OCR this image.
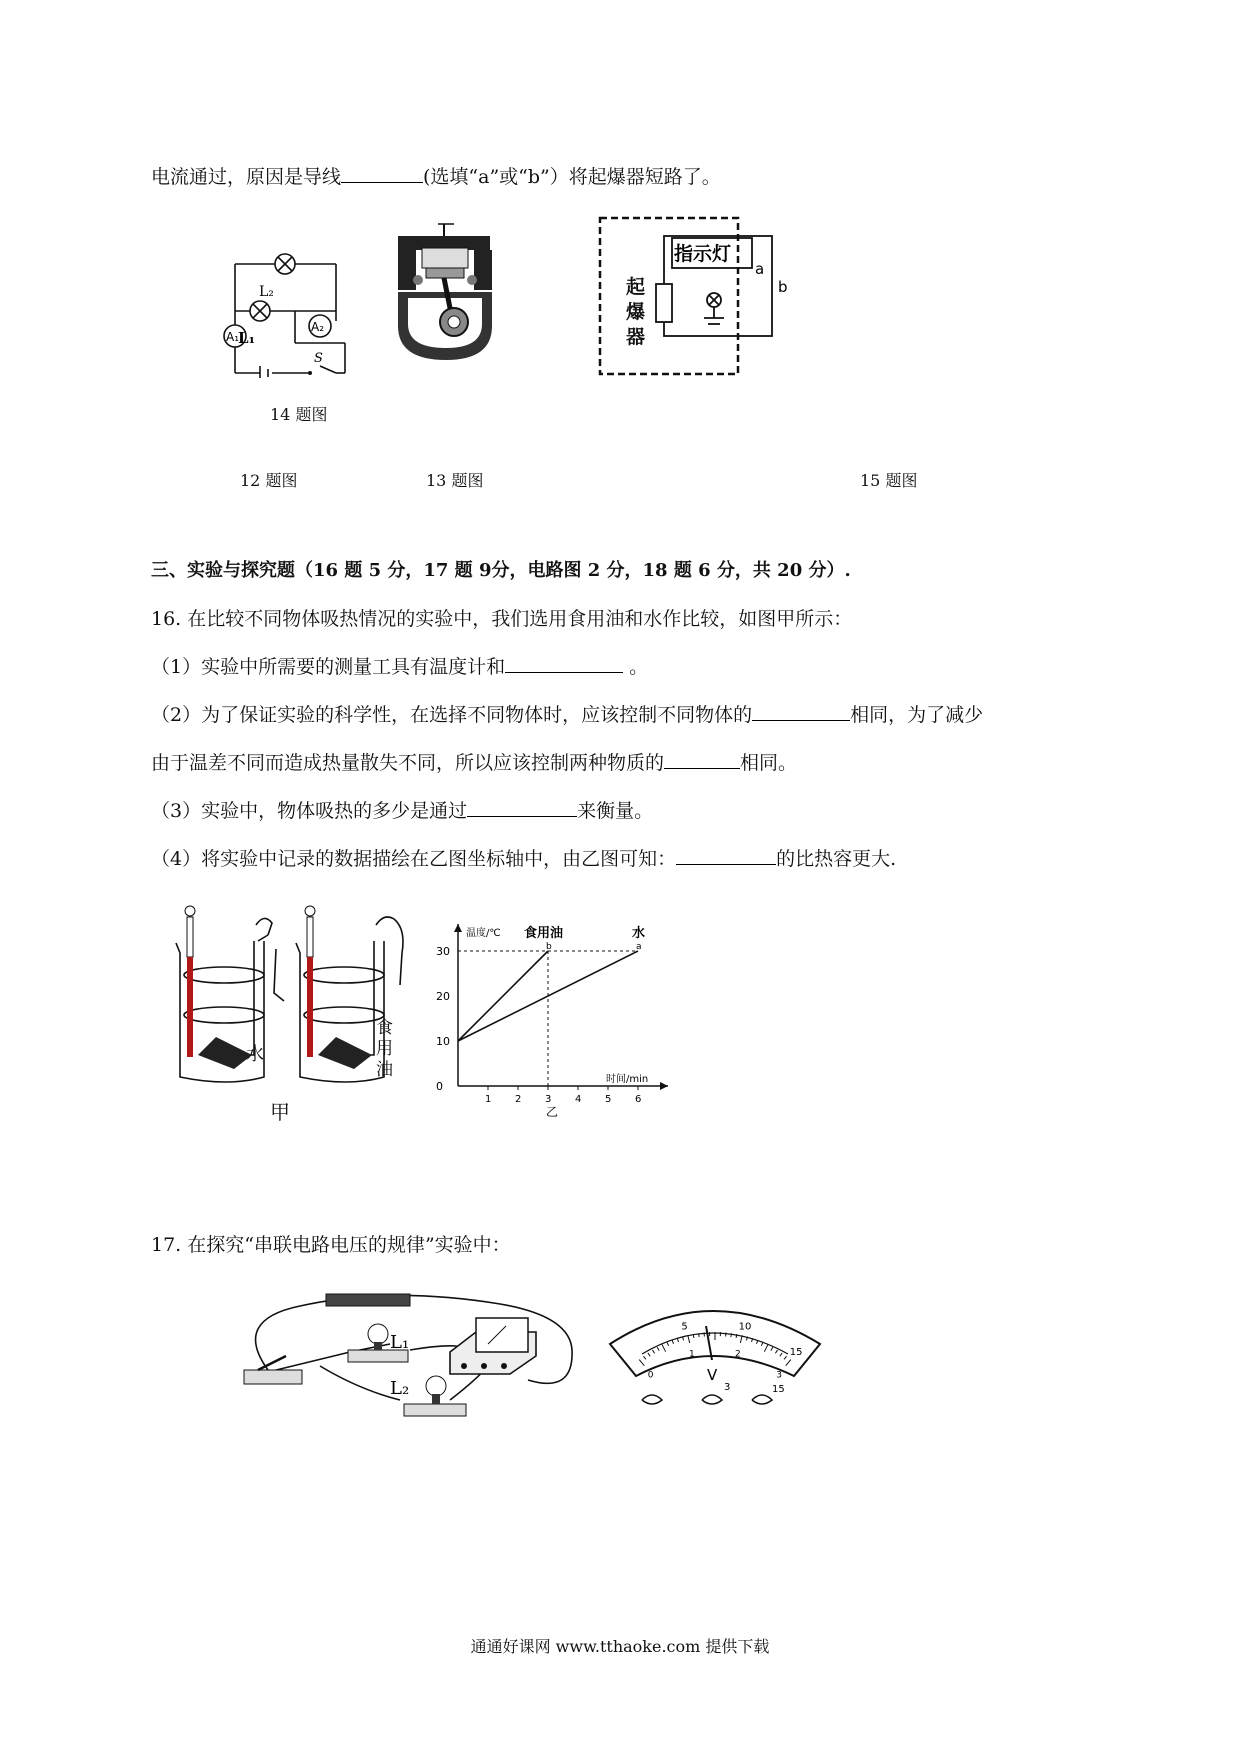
电流通过，原因是导线	(选填“a”或“b”）将起爆器短路了。
L₂
L₁
A₁
A₂
S
指示灯
a
b
起爆器
14 题图
12 题图	13 题图	15 题图
三、实验与探究题（16 题 5 分，17 题 9分，电路图 2 分，18 题 6 分，共 20 分）.
16. 在比较不同物体吸热情况的实验中，我们选用食用油和水作比较，如图甲所示：
（1）实验中所需要的测量工具有温度计和	。
（2）为了保证实验的科学性，在选择不同物体时，应该控制不同物体的	相同，为了减少
由于温差不同而造成热量散失不同，所以应该控制两种物质的	相同。
（3）实验中，物体吸热的多少是通过	来衡量。
（4）将实验中记录的数据描绘在乙图坐标轴中，由乙图可知：	的比热容更大.
水
食用油
甲
温度/℃
时间/min
乙
1 2 3 4 5 6
0
10
20
30
食用油
b
水
a
17. 在探究“串联电路电压的规律”实验中：
L₁
L₂
5	10
15
0
1	2
3
V
3	15
通通好课网 www.tthaoke.com 提供下载
